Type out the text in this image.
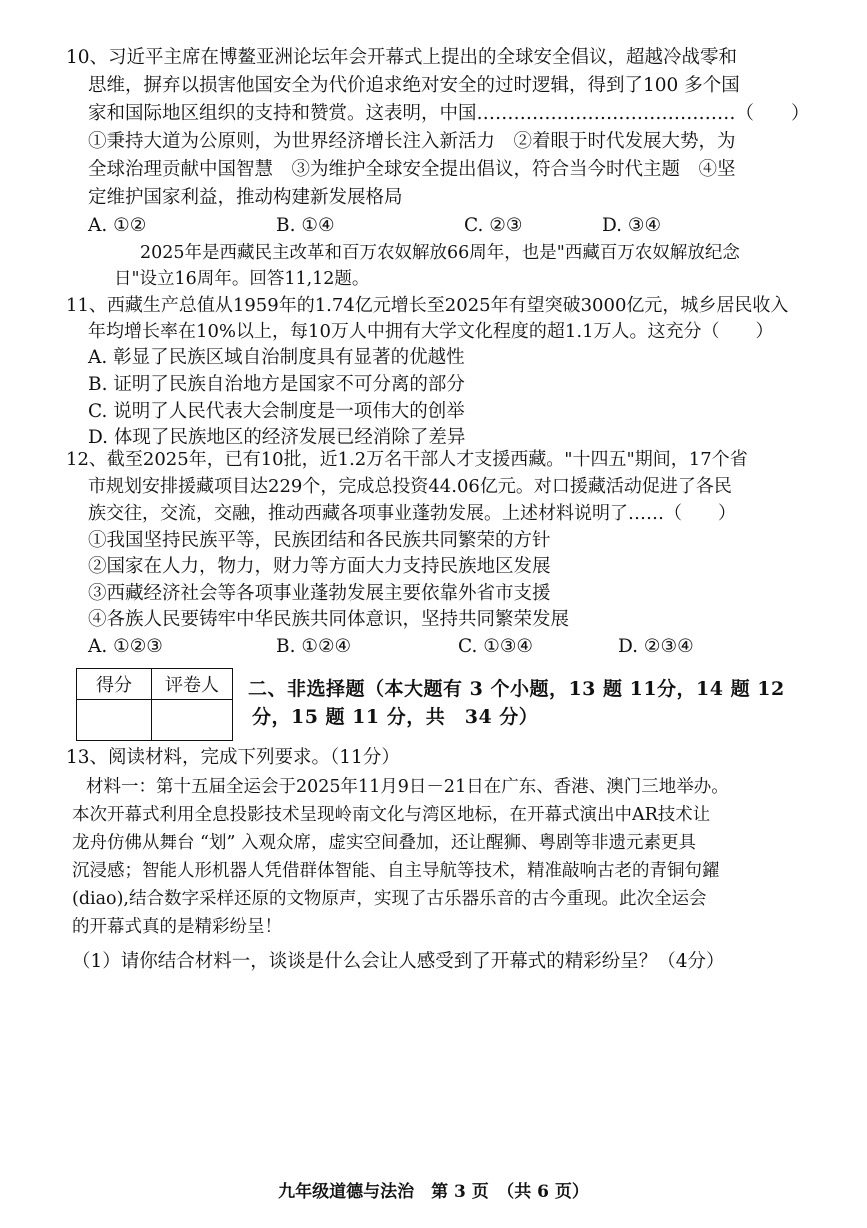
10、习近平主席在博鳌亚洲论坛年会开幕式上提出的全球安全倡议，超越冷战零和
思维，摒弃以损害他国安全为代价追求绝对安全的过时逻辑，得到了100 多个国
家和国际地区组织的支持和赞赏。这表明，中国……………………………………（　　）
①秉持大道为公原则，为世界经济增长注入新活力　②着眼于时代发展大势，为
全球治理贡献中国智慧　③为维护全球安全提出倡议，符合当今时代主题　④坚
定维护国家利益，推动构建新发展格局
A. ①②	B. ①④	C. ②③	D. ③④
2025年是西藏民主改革和百万农奴解放66周年，也是"西藏百万农奴解放纪念
日"设立16周年。回答11,12题。
11、西藏生产总值从1959年的1.74亿元增长至2025年有望突破3000亿元，城乡居民收入
年均增长率在10%以上，每10万人中拥有大学文化程度的超1.1万人。这充分（　　）
A. 彰显了民族区域自治制度具有显著的优越性
B. 证明了民族自治地方是国家不可分离的部分
C. 说明了人民代表大会制度是一项伟大的创举
D. 体现了民族地区的经济发展已经消除了差异
12、截至2025年，已有10批，近1.2万名干部人才支援西藏。"十四五"期间，17个省
市规划安排援藏项目达229个，完成总投资44.06亿元。对口援藏活动促进了各民
族交往，交流，交融，推动西藏各项事业蓬勃发展。上述材料说明了……（　　）
①我国坚持民族平等，民族团结和各民族共同繁荣的方针
②国家在人力，物力，财力等方面大力支持民族地区发展
③西藏经济社会等各项事业蓬勃发展主要依靠外省市支援
④各族人民要铸牢中华民族共同体意识，坚持共同繁荣发展
A. ①②③	B. ①②④	C. ①③④	D. ②③④
得分	评卷人
	二、非选择题（本大题有 3 个小题，13 题 11分，14 题 12
分，15 题 11 分，共　34 分）
13、阅读材料，完成下列要求。（11分）
材料一：第十五届全运会于2025年11月9日－21日在广东、香港、澳门三地举办。
本次开幕式利用全息投影技术呈现岭南文化与湾区地标，在开幕式演出中AR技术让
龙舟仿佛从舞台 “划” 入观众席，虚实空间叠加，还让醒狮、粤剧等非遗元素更具
沉浸感；智能人形机器人凭借群体智能、自主导航等技术，精准敲响古老的青铜句鑃
(diao),结合数字采样还原的文物原声，实现了古乐器乐音的古今重现。此次全运会
的开幕式真的是精彩纷呈！
（1）请你结合材料一，谈谈是什么会让人感受到了开幕式的精彩纷呈？（4分）
九年级道德与法治　第 3 页　（共 6 页）
